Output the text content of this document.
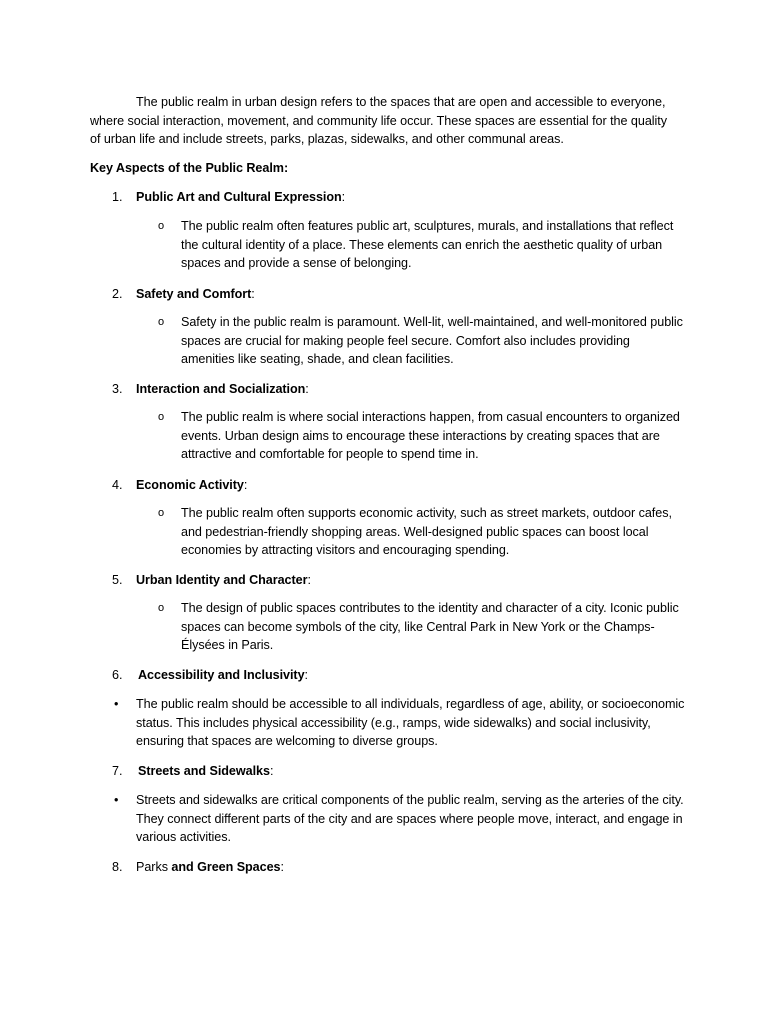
The public realm in urban design refers to the spaces that are open and accessible to everyone, where social interaction, movement, and community life occur. These spaces are essential for the quality of urban life and include streets, parks, plazas, sidewalks, and other communal areas.

Key Aspects of the Public Realm:

1. Public Art and Cultural Expression:
o The public realm often features public art, sculptures, murals, and installations that reflect the cultural identity of a place. These elements can enrich the aesthetic quality of urban spaces and provide a sense of belonging.
2. Safety and Comfort:
o Safety in the public realm is paramount. Well-lit, well-maintained, and well-monitored public spaces are crucial for making people feel secure. Comfort also includes providing amenities like seating, shade, and clean facilities.
3. Interaction and Socialization:
o The public realm is where social interactions happen, from casual encounters to organized events. Urban design aims to encourage these interactions by creating spaces that are attractive and comfortable for people to spend time in.
4. Economic Activity:
o The public realm often supports economic activity, such as street markets, outdoor cafes, and pedestrian-friendly shopping areas. Well-designed public spaces can boost local economies by attracting visitors and encouraging spending.
5. Urban Identity and Character:
o The design of public spaces contributes to the identity and character of a city. Iconic public spaces can become symbols of the city, like Central Park in New York or the Champs-Élysées in Paris.
6. Accessibility and Inclusivity:
• The public realm should be accessible to all individuals, regardless of age, ability, or socioeconomic status. This includes physical accessibility (e.g., ramps, wide sidewalks) and social inclusivity, ensuring that spaces are welcoming to diverse groups.
7. Streets and Sidewalks:
• Streets and sidewalks are critical components of the public realm, serving as the arteries of the city. They connect different parts of the city and are spaces where people move, interact, and engage in various activities.
8. Parks and Green Spaces:
